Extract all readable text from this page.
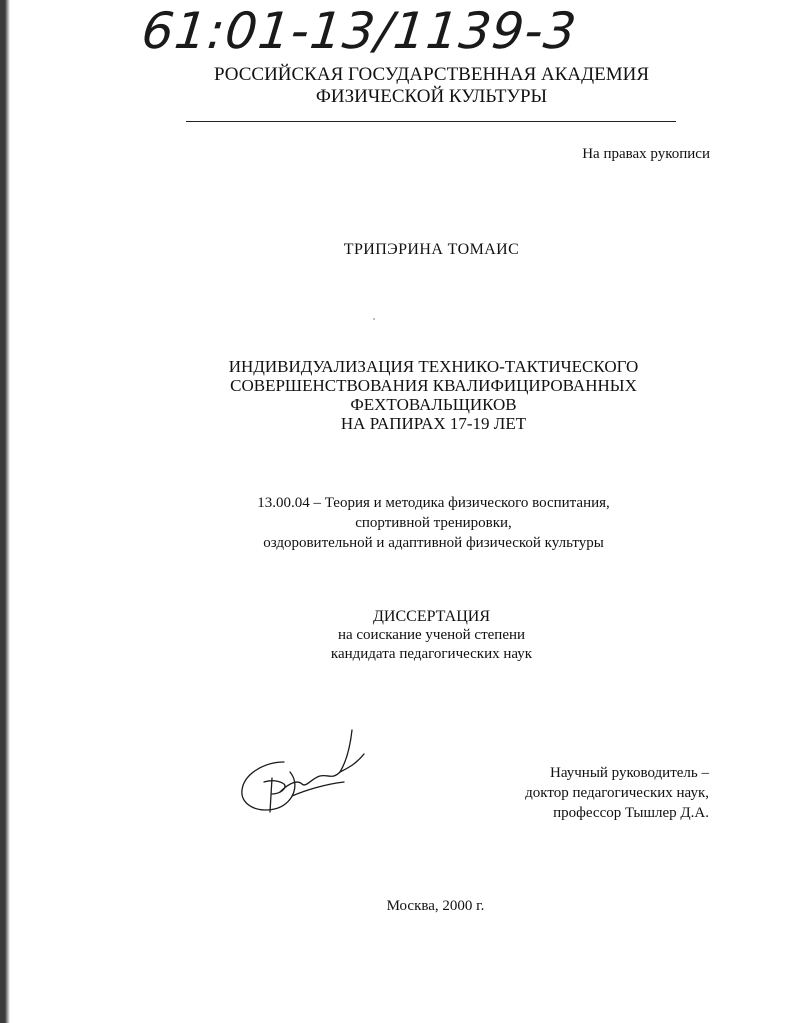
61:01-13/1139-3
РОССИЙСКАЯ ГОСУДАРСТВЕННАЯ АКАДЕМИЯ
ФИЗИЧЕСКОЙ КУЛЬТУРЫ
На правах рукописи
ТРИПЭРИНА ТОМАИС
ИНДИВИДУАЛИЗАЦИЯ ТЕХНИКО-ТАКТИЧЕСКОГО
СОВЕРШЕНСТВОВАНИЯ КВАЛИФИЦИРОВАННЫХ
ФЕХТОВАЛЬЩИКОВ
НА РАПИРАХ 17-19 ЛЕТ
13.00.04 – Теория и методика физического воспитания,
спортивной тренировки,
оздоровительной и адаптивной физической культуры
ДИССЕРТАЦИЯ
на соискание ученой степени
кандидата педагогических наук
Научный руководитель –
доктор педагогических наук,
профессор Тышлер Д.А.
Москва, 2000 г.
